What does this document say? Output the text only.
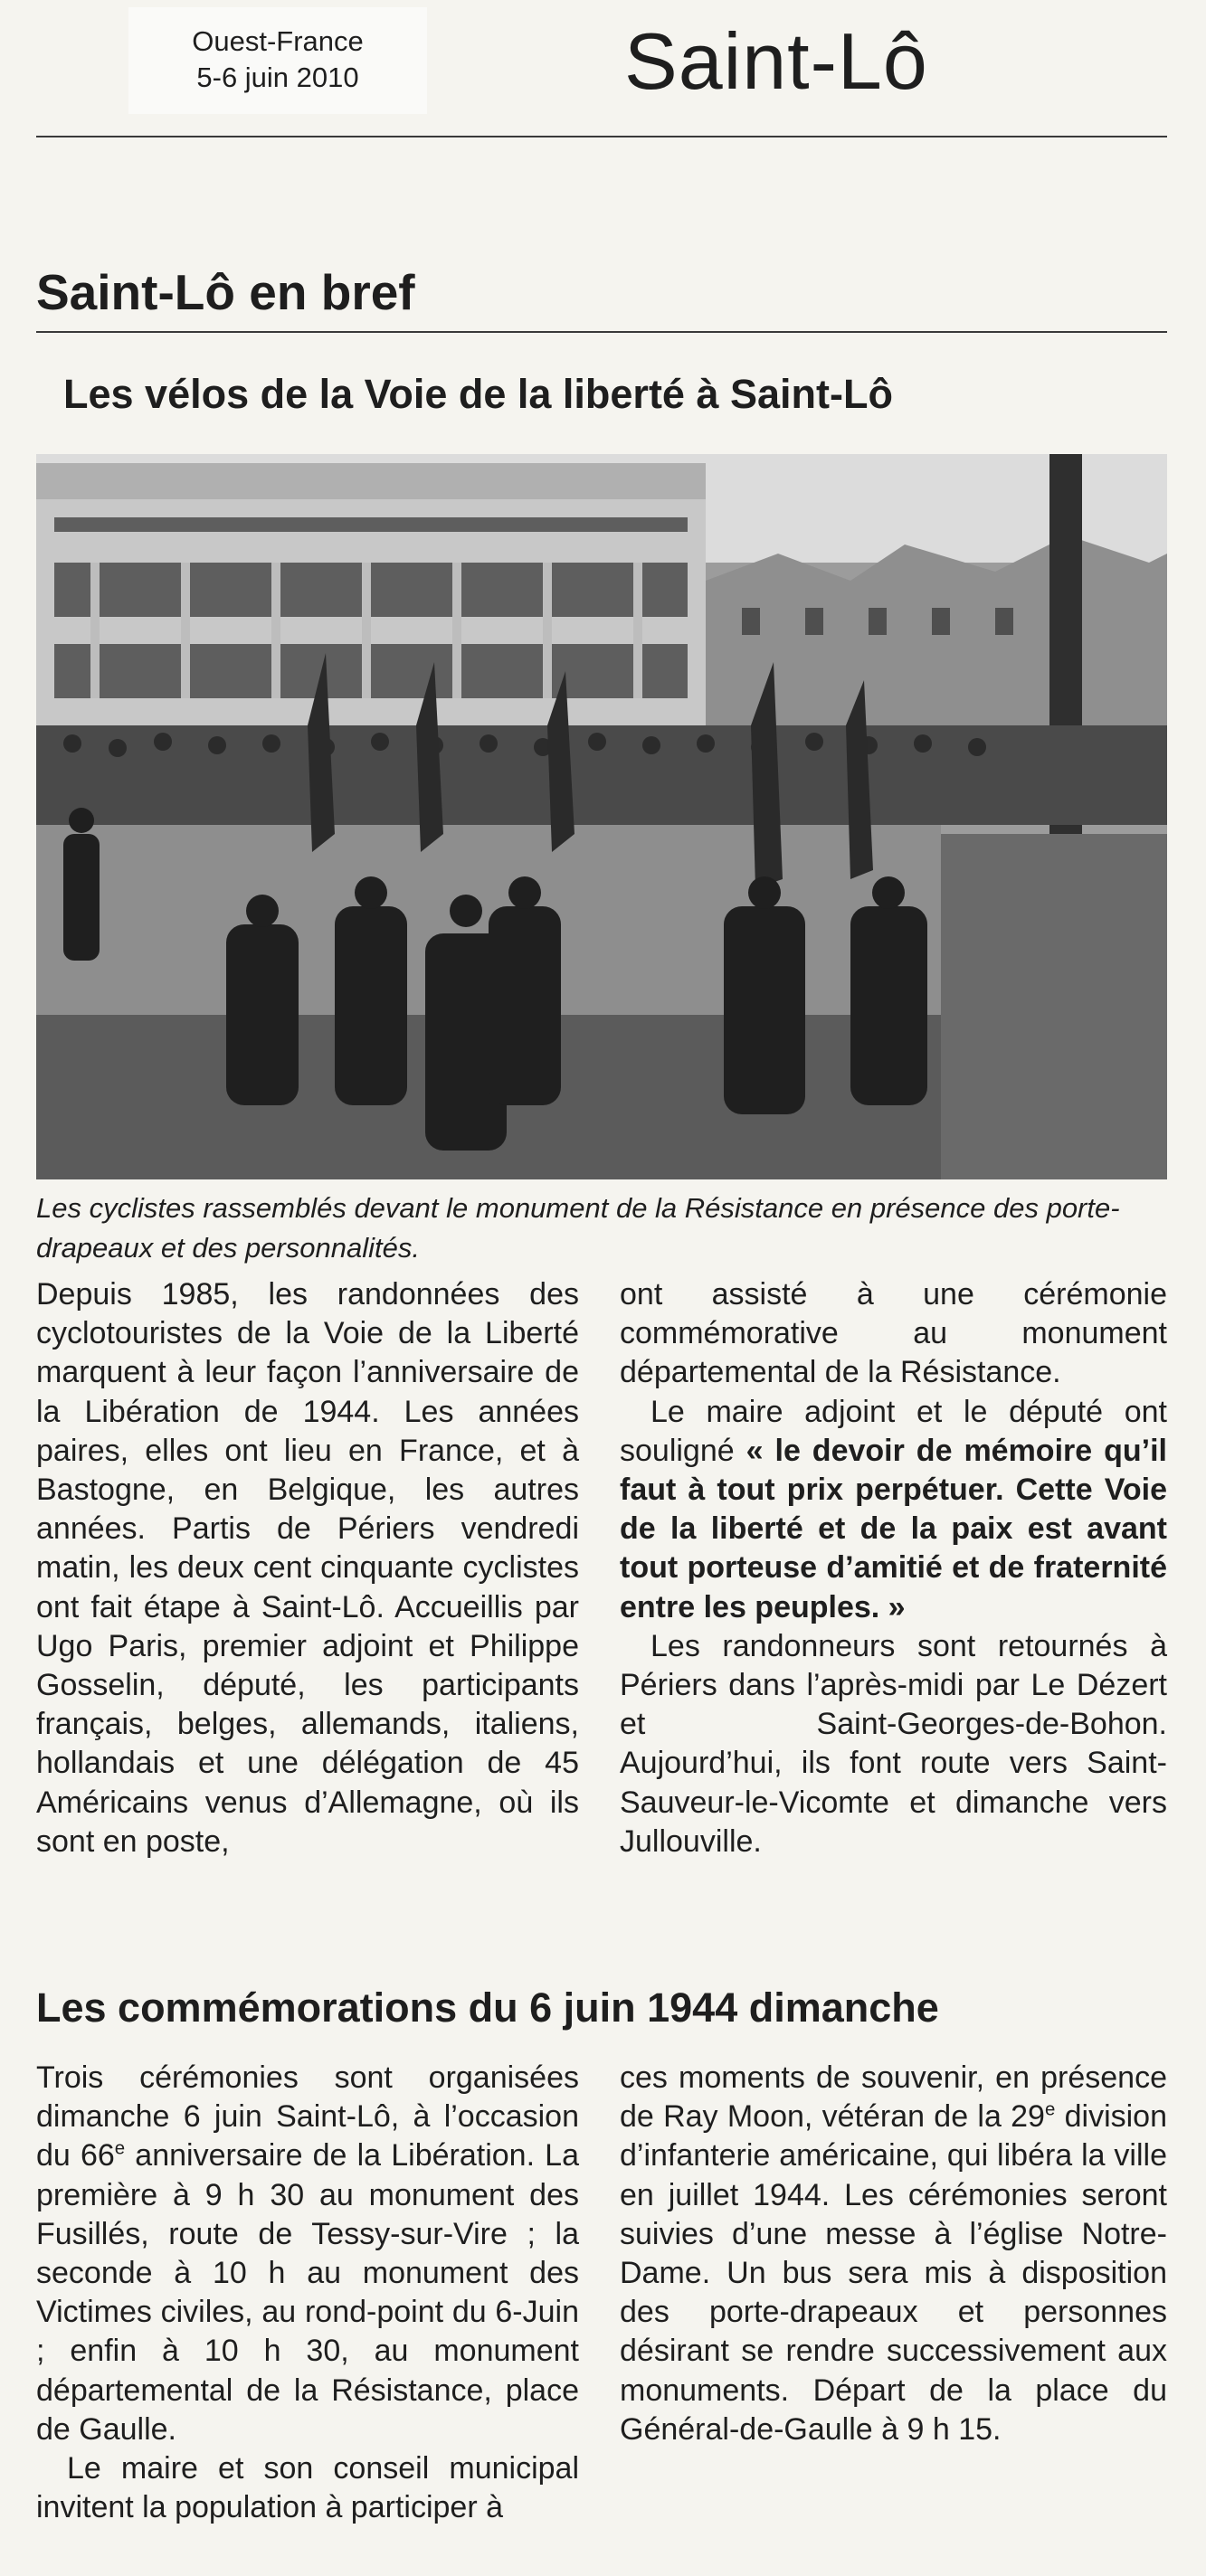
Ouest-France
5-6 juin 2010	Saint-Lô
Saint-Lô en bref
Les vélos de la Voie de la liberté à Saint-Lô
Les cyclistes rassemblés devant le monument de la Résistance en présence des porte-drapeaux et des personnalités.

Depuis 1985, les randonnées des cyclotouristes de la Voie de la Liberté marquent à leur façon l’anniversaire de la Libération de 1944. Les années paires, elles ont lieu en France, et à Bastogne, en Belgique, les autres années. Partis de Périers vendredi matin, les deux cent cinquante cyclistes ont fait étape à Saint-Lô. Accueillis par Ugo Paris, premier adjoint et Philippe Gosselin, député, les participants français, belges, allemands, italiens, hollandais et une délégation de 45 Américains venus d’Allemagne, où ils sont en poste,

ont assisté à une cérémonie commémorative au monument départemental de la Résistance.

Le maire adjoint et le député ont souligné « le devoir de mémoire qu’il faut à tout prix perpétuer. Cette Voie de la liberté et de la paix est avant tout porteuse d’amitié et de fraternité entre les peuples. »

Les randonneurs sont retournés à Périers dans l’après-midi par Le Dézert et Saint-Georges-de-Bohon. Aujourd’hui, ils font route vers Saint-Sauveur-le-Vicomte et dimanche vers Jullouville.

Les commémorations du 6 juin 1944 dimanche

Trois cérémonies sont organisées dimanche 6 juin Saint-Lô, à l’occasion du 66e anniversaire de la Libération. La première à 9 h 30 au monument des Fusillés, route de Tessy-sur-Vire ; la seconde à 10 h au monument des Victimes civiles, au rond-point du 6-Juin ; enfin à 10 h 30, au monument départemental de la Résistance, place de Gaulle.

Le maire et son conseil municipal invitent la population à participer à

ces moments de souvenir, en présence de Ray Moon, vétéran de la 29e division d’infanterie américaine, qui libéra la ville en juillet 1944. Les cérémonies seront suivies d’une messe à l’église Notre-Dame. Un bus sera mis à disposition des porte-drapeaux et personnes désirant se rendre successivement aux monuments. Départ de la place du Général-de-Gaulle à 9 h 15.
